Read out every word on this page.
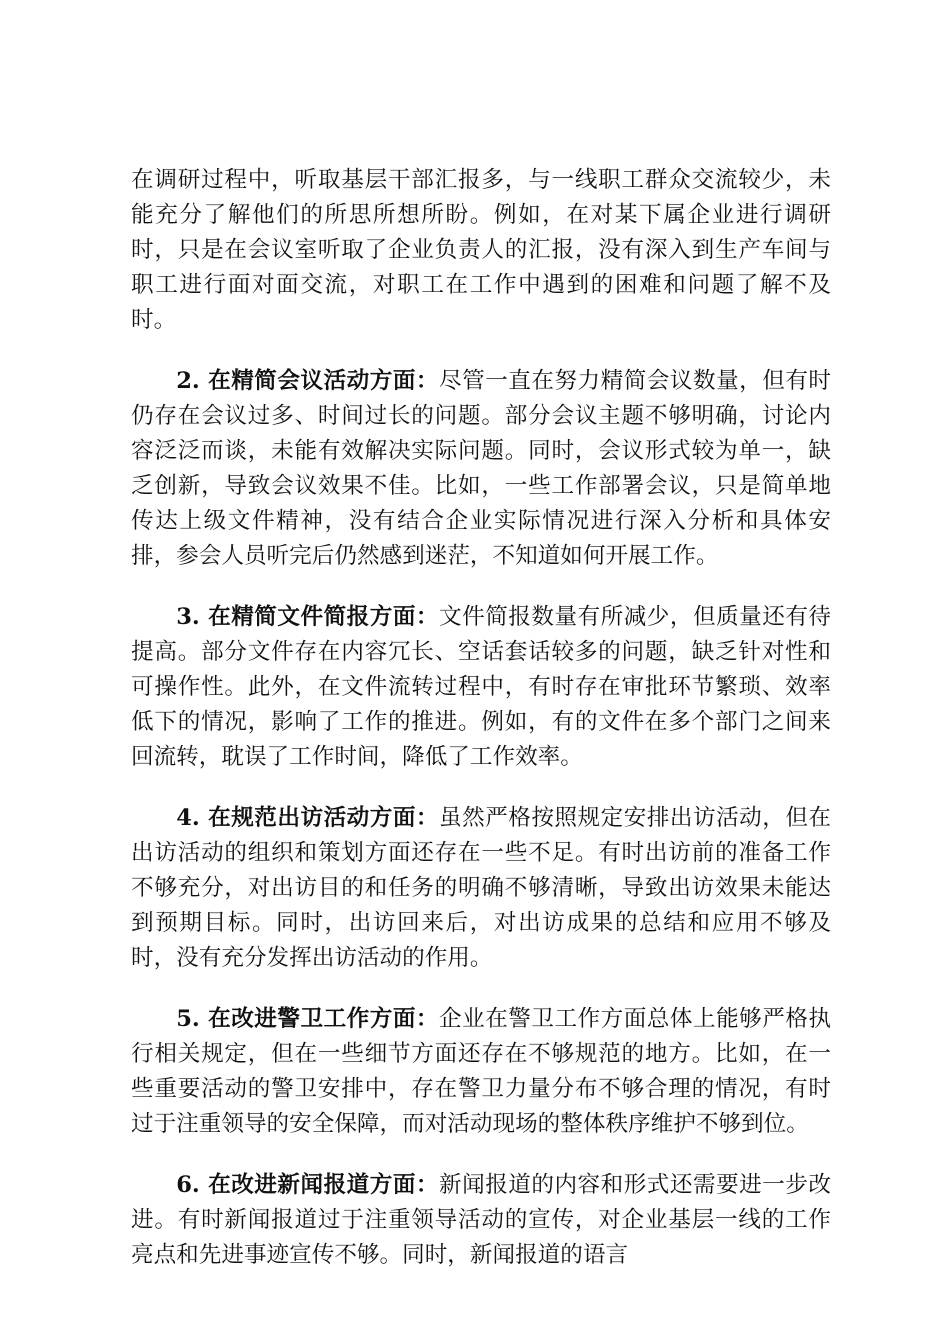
在调研过程中，听取基层干部汇报多，与一线职工群众交流较少，未能充分了解他们的所思所想所盼。例如，在对某下属企业进行调研时，只是在会议室听取了企业负责人的汇报，没有深入到生产车间与职工进行面对面交流，对职工在工作中遇到的困难和问题了解不及时。

2. 在精简会议活动方面：尽管一直在努力精简会议数量，但有时仍存在会议过多、时间过长的问题。部分会议主题不够明确，讨论内容泛泛而谈，未能有效解决实际问题。同时，会议形式较为单一，缺乏创新，导致会议效果不佳。比如，一些工作部署会议，只是简单地传达上级文件精神，没有结合企业实际情况进行深入分析和具体安排，参会人员听完后仍然感到迷茫，不知道如何开展工作。

3. 在精简文件简报方面：文件简报数量有所减少，但质量还有待提高。部分文件存在内容冗长、空话套话较多的问题，缺乏针对性和可操作性。此外，在文件流转过程中，有时存在审批环节繁琐、效率低下的情况，影响了工作的推进。例如，有的文件在多个部门之间来回流转，耽误了工作时间，降低了工作效率。

4. 在规范出访活动方面：虽然严格按照规定安排出访活动，但在出访活动的组织和策划方面还存在一些不足。有时出访前的准备工作不够充分，对出访目的和任务的明确不够清晰，导致出访效果未能达到预期目标。同时，出访回来后，对出访成果的总结和应用不够及时，没有充分发挥出访活动的作用。

5. 在改进警卫工作方面：企业在警卫工作方面总体上能够严格执行相关规定，但在一些细节方面还存在不够规范的地方。比如，在一些重要活动的警卫安排中，存在警卫力量分布不够合理的情况，有时过于注重领导的安全保障，而对活动现场的整体秩序维护不够到位。

6. 在改进新闻报道方面：新闻报道的内容和形式还需要进一步改进。有时新闻报道过于注重领导活动的宣传，对企业基层一线的工作亮点和先进事迹宣传不够。同时，新闻报道的语言
